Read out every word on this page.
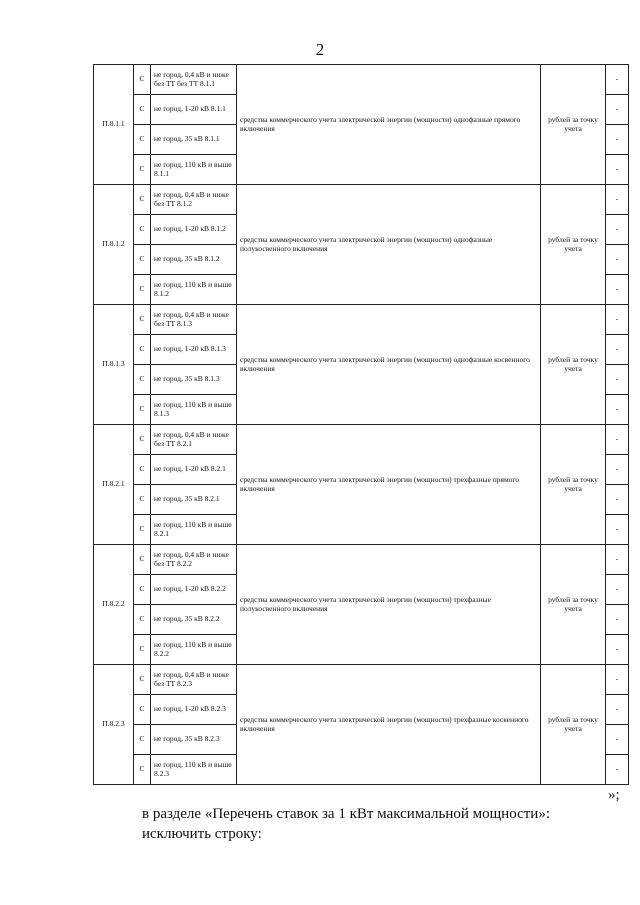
2
П.8.1.1	С	не город, 0,4 кВ и ниже без ТТ без ТТ 8.1.1	средства коммерческого учета электрической энергии (мощности) однофазные прямого включения	рублей за точку учета	-
	С	не город, 1-20 кВ 8.1.1			-
	С	не город, 35 кВ 8.1.1			-
	С	не город, 110 кВ и выше 8.1.1			-
П.8.1.2	С	не город, 0,4 кВ и ниже без ТТ 8.1.2	средства коммерческого учета электрической энергии (мощности) однофазные полукосвенного включения	рублей за точку учета	-
	С	не город, 1-20 кВ 8.1.2			-
	С	не город, 35 кВ 8.1.2			-
	С	не город, 110 кВ и выше 8.1.2			-
П.8.1.3	С	не город, 0,4 кВ и ниже без ТТ 8.1.3	средства коммерческого учета электрической энергии (мощности) однофазные косвенного включения	рублей за точку учета	-
	С	не город, 1-20 кВ 8.1.3			-
	С	не город, 35 кВ 8.1.3			-
	С	не город, 110 кВ и выше 8.1.3			-
П.8.2.1	С	не город, 0,4 кВ и ниже без ТТ 8.2.1	средства коммерческого учета электрической энергии (мощности) трехфазные прямого включения	рублей за точку учета	-
	С	не город, 1-20 кВ 8.2.1			-
	С	не город, 35 кВ 8.2.1			-
	С	не город, 110 кВ и выше 8.2.1			-
П.8.2.2	С	не город, 0,4 кВ и ниже без ТТ 8.2.2	средства коммерческого учета электрической энергии (мощности) трехфазные полукосвенного включения	рублей за точку учета	-
	С	не город, 1-20 кВ 8.2.2			-
	С	не город, 35 кВ 8.2.2			-
	С	не город, 110 кВ и выше 8.2.2			-
П.8.2.3	С	не город, 0,4 кВ и ниже без ТТ 8.2.3	средства коммерческого учета электрической энергии (мощности) трехфазные косвенного включения	рублей за точку учета	-
	С	не город, 1-20 кВ 8.2.3			-
	С	не город, 35 кВ 8.2.3			-
	С	не город, 110 кВ и выше 8.2.3			-
»;
в разделе «Перечень ставок за 1 кВт максимальной мощности»:
исключить строку:
